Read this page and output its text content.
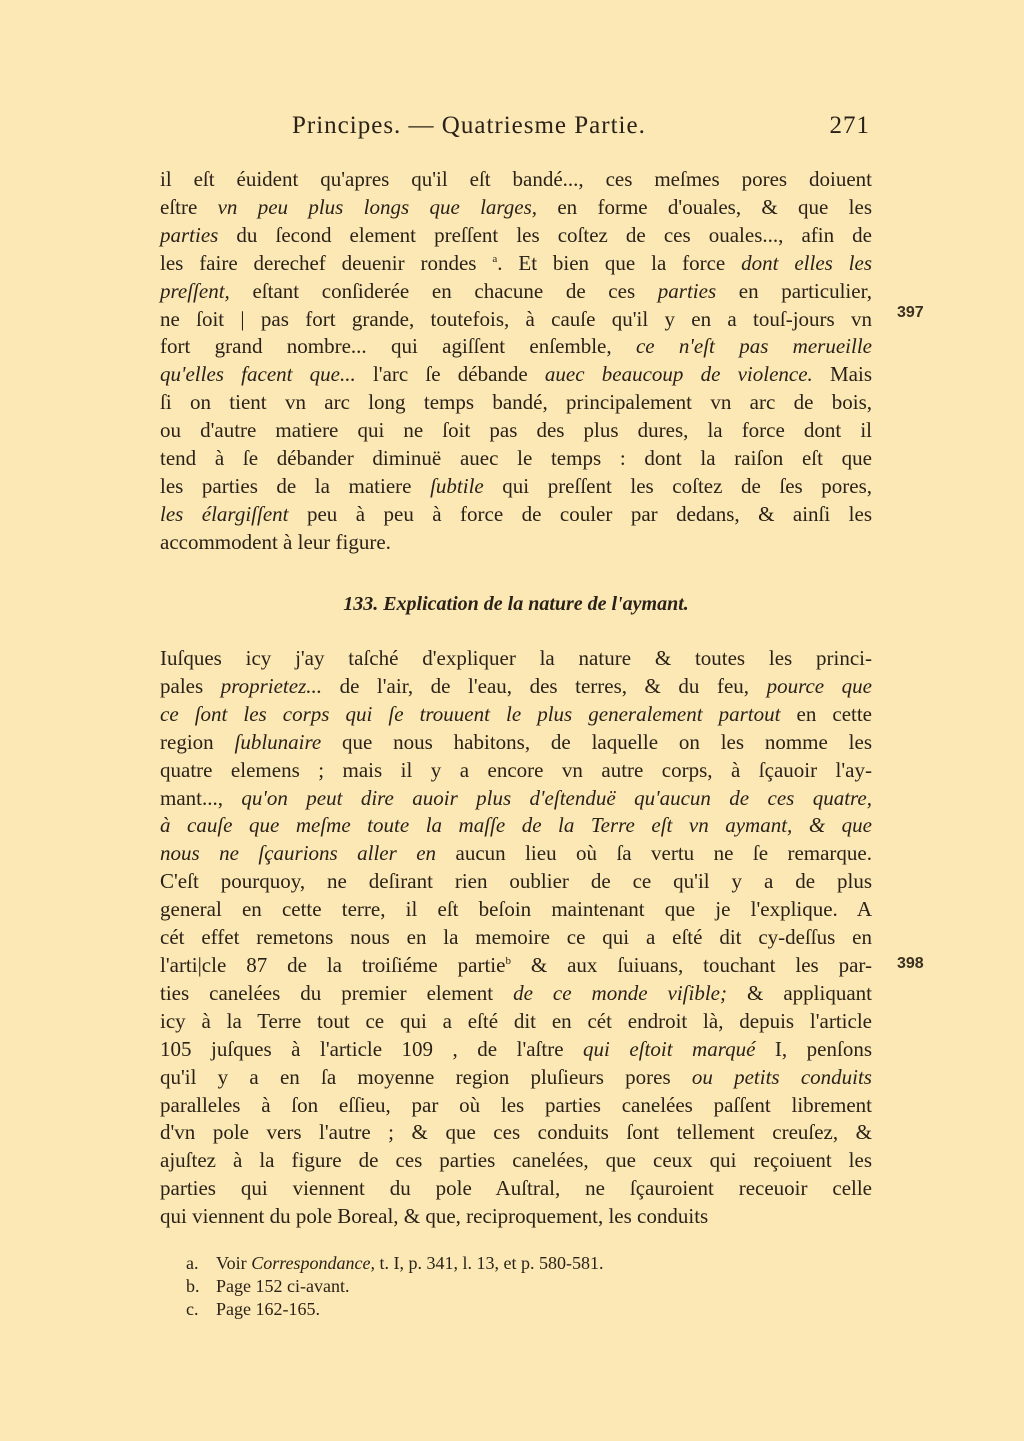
Principes. — Quatriesme Partie.	271
il eſt éuident qu'apres qu'il eſt bandé..., ces meſmes pores doiuent
eſtre vn peu plus longs que larges, en forme d'ouales, & que les
parties du ſecond element preſſent les coſtez de ces ouales..., afin de
les faire derechef deuenir rondes $^a$. Et bien que la force dont elles les
preſſent, eſtant conſiderée en chacune de ces parties en particulier,
ne ſoit | pas fort grande, toutefois, à cauſe qu'il y en a touſ-jours vn
fort grand nombre... qui agiſſent enſemble, ce n'eſt pas merueille
qu'elles facent que... l'arc ſe débande auec beaucoup de violence. Mais
ſi on tient vn arc long temps bandé, principalement vn arc de bois,
ou d'autre matiere qui ne ſoit pas des plus dures, la force dont il
tend à ſe débander diminuë auec le temps : dont la raiſon eſt que
les parties de la matiere ſubtile qui preſſent les coſtez de ſes pores,
les élargiſſent peu à peu à force de couler par dedans, & ainſi les
accommodent à leur figure.
133. Explication de la nature de l'aymant.
Iuſques icy j'ay taſché d'expliquer la nature & toutes les princi-
pales proprietez... de l'air, de l'eau, des terres, & du feu, pource que
ce ſont les corps qui ſe trouuent le plus generalement partout en cette
region ſublunaire que nous habitons, de laquelle on les nomme les
quatre elemens ; mais il y a encore vn autre corps, à ſçauoir l'ay-
mant..., qu'on peut dire auoir plus d'eſtenduë qu'aucun de ces quatre,
à cauſe que meſme toute la maſſe de la Terre eſt vn aymant, & que
nous ne ſçaurions aller en aucun lieu où ſa vertu ne ſe remarque.
C'eſt pourquoy, ne deſirant rien oublier de ce qu'il y a de plus
general en cette terre, il eſt beſoin maintenant que je l'explique. A
cét effet remetons nous en la memoire ce qui a eſté dit cy-deſſus en
l'arti|cle 87 de la troiſiéme partie$^b$ & aux ſuiuans, touchant les par-
ties canelées du premier element de ce monde viſible; & appliquant
icy à la Terre tout ce qui a eſté dit en cét endroit là, depuis l'article
105 juſques à l'article 109 , de l'aſtre qui eſtoit marqué I, penſons
qu'il y a en ſa moyenne region pluſieurs pores ou petits conduits
paralleles à ſon eſſieu, par où les parties canelées paſſent librement
d'vn pole vers l'autre ; & que ces conduits ſont tellement creuſez, &
ajuſtez à la figure de ces parties canelées, que ceux qui reçoiuent les
parties qui viennent du pole Auſtral, ne ſçauroient receuoir celle
qui viennent du pole Boreal, & que, reciproquement, les conduits
397
398
a. Voir Correspondance, t. I, p. 341, l. 13, et p. 580-581.
b. Page 152 ci-avant.
c. Page 162-165.
